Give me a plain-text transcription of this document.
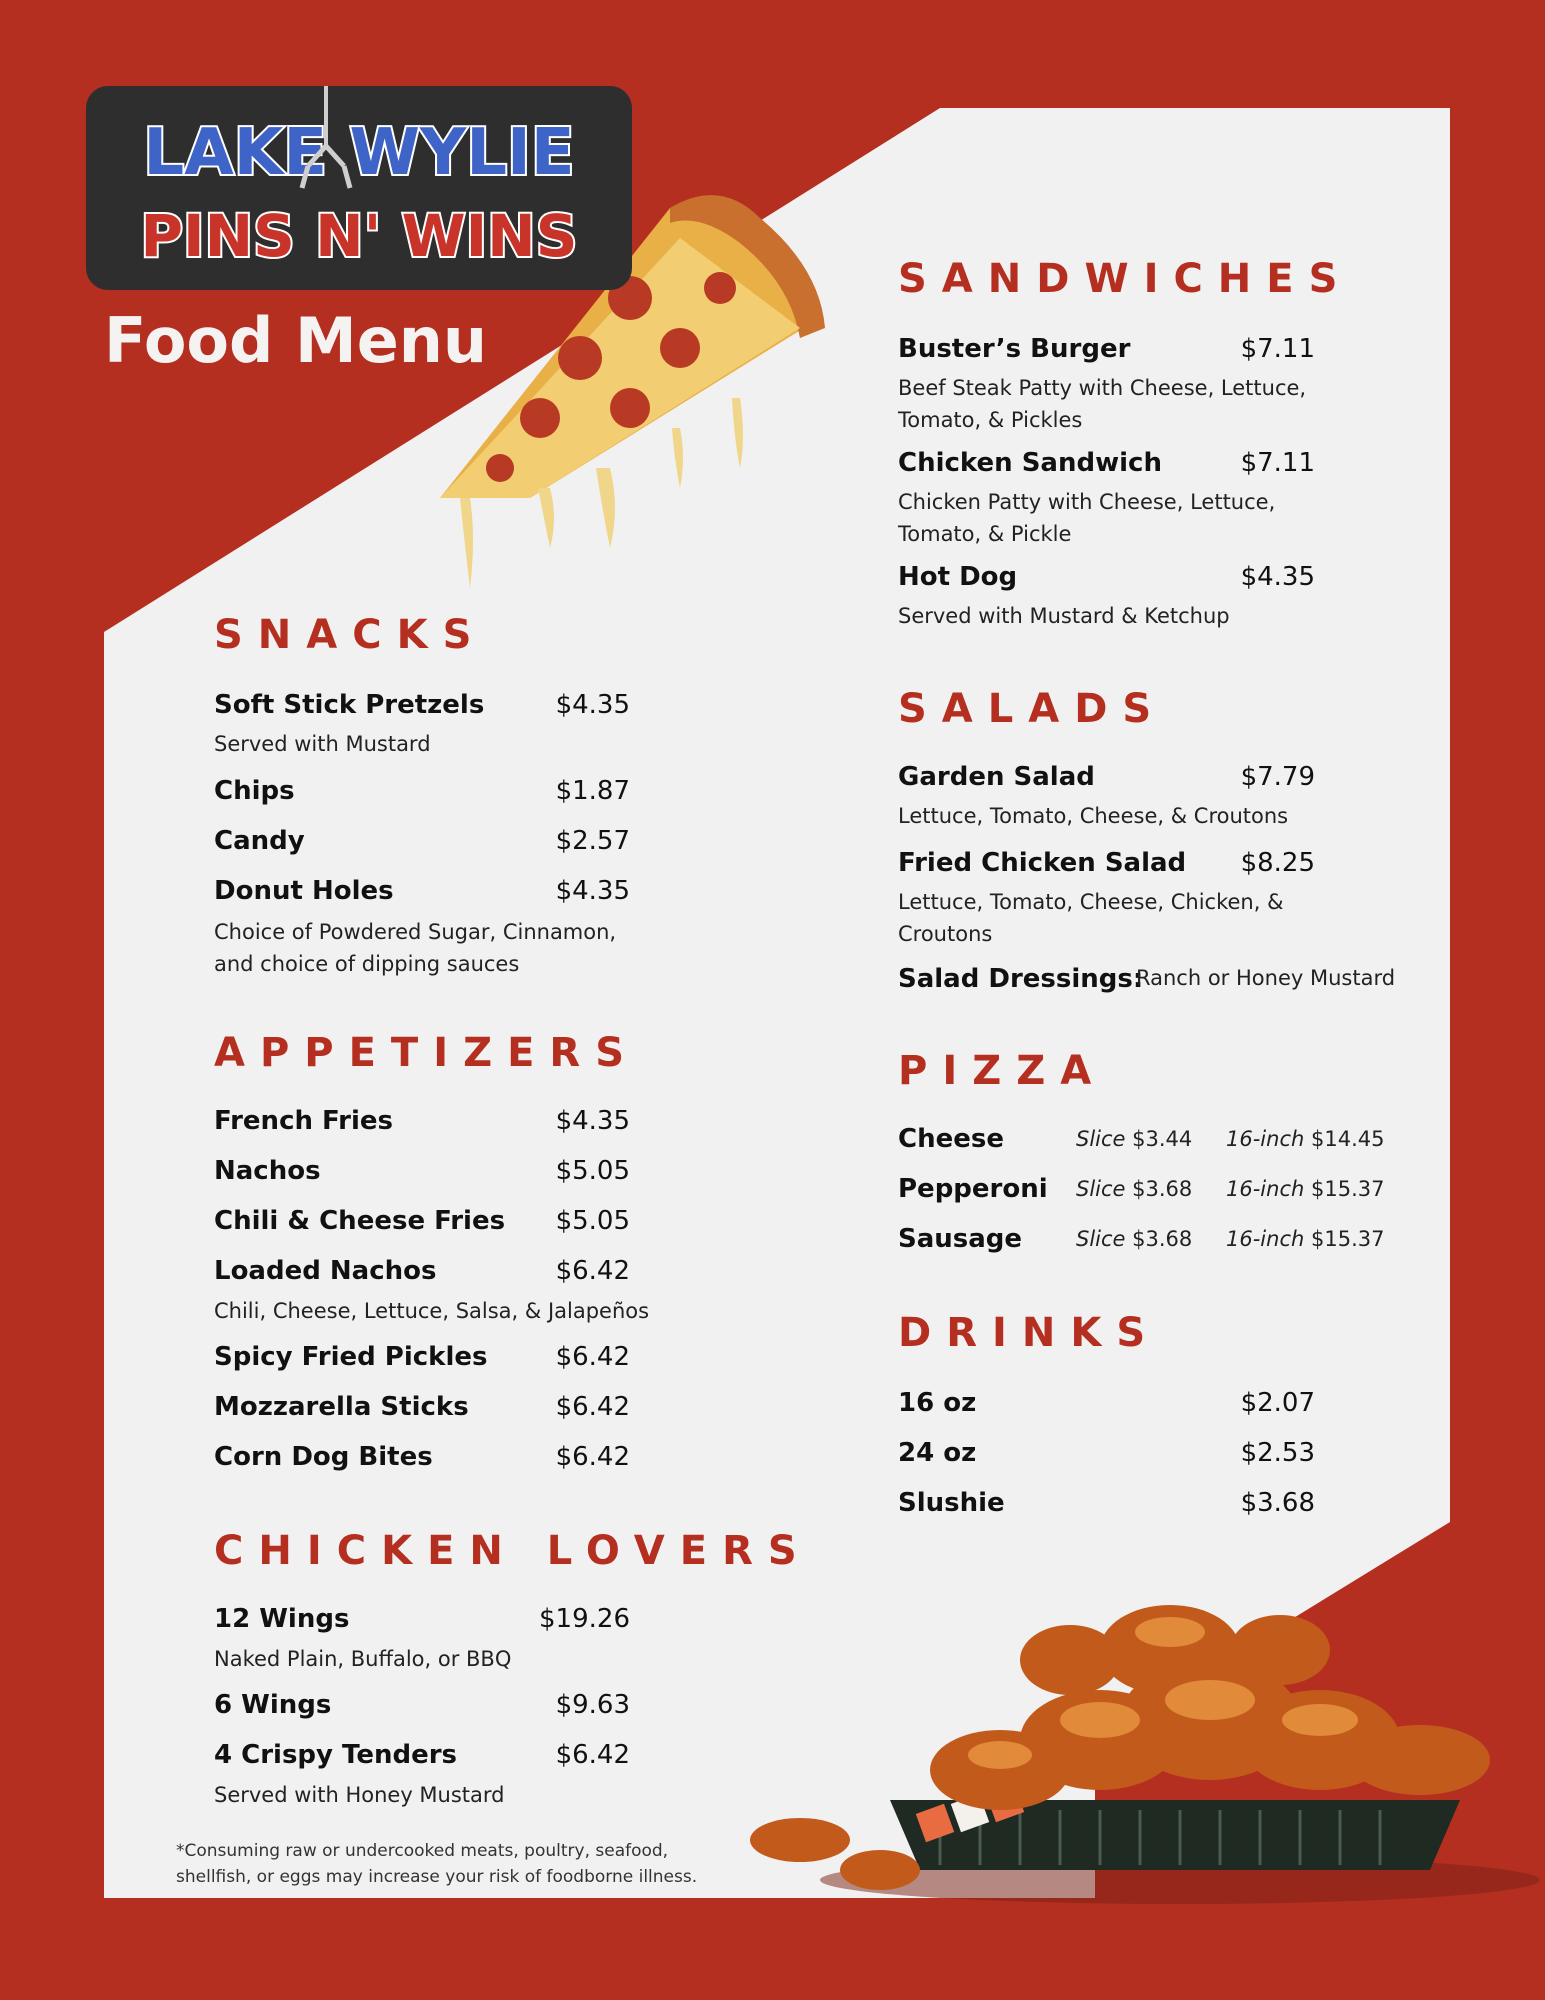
LAKE WYLIE
PINS N' WINS
Food Menu
SNACKS
Soft Stick Pretzels	$4.35
Served with Mustard
Chips	$1.87
Candy	$2.57
Donut Holes	$4.35
Choice of Powdered Sugar, Cinnamon,
and choice of dipping sauces
APPETIZERS
French Fries	$4.35
Nachos	$5.05
Chili & Cheese Fries	$5.05
Loaded Nachos	$6.42
Chili, Cheese, Lettuce, Salsa, & Jalapeños
Spicy Fried Pickles	$6.42
Mozzarella Sticks	$6.42
Corn Dog Bites	$6.42
CHICKEN LOVERS
12 Wings	$19.26
Naked Plain, Buffalo, or BBQ
6 Wings	$9.63
4 Crispy Tenders	$6.42
Served with Honey Mustard
*Consuming raw or undercooked meats, poultry, seafood,
shellfish, or eggs may increase your risk of foodborne illness.
SANDWICHES
Buster’s Burger	$7.11
Beef Steak Patty with Cheese, Lettuce,
Tomato, & Pickles
Chicken Sandwich	$7.11
Chicken Patty with Cheese, Lettuce,
Tomato, & Pickle
Hot Dog	$4.35
Served with Mustard & Ketchup
SALADS
Garden Salad	$7.79
Lettuce, Tomato, Cheese, & Croutons
Fried Chicken Salad	$8.25
Lettuce, Tomato, Cheese, Chicken, &
Croutons
Salad Dressings:
Ranch or Honey Mustard
PIZZA
Cheese	Slice $3.44 16-inch $14.45
Pepperoni Slice $3.68 16-inch $15.37
Sausage	Slice $3.68 16-inch $15.37
DRINKS
16 oz	$2.07
24 oz	$2.53
Slushie	$3.68
